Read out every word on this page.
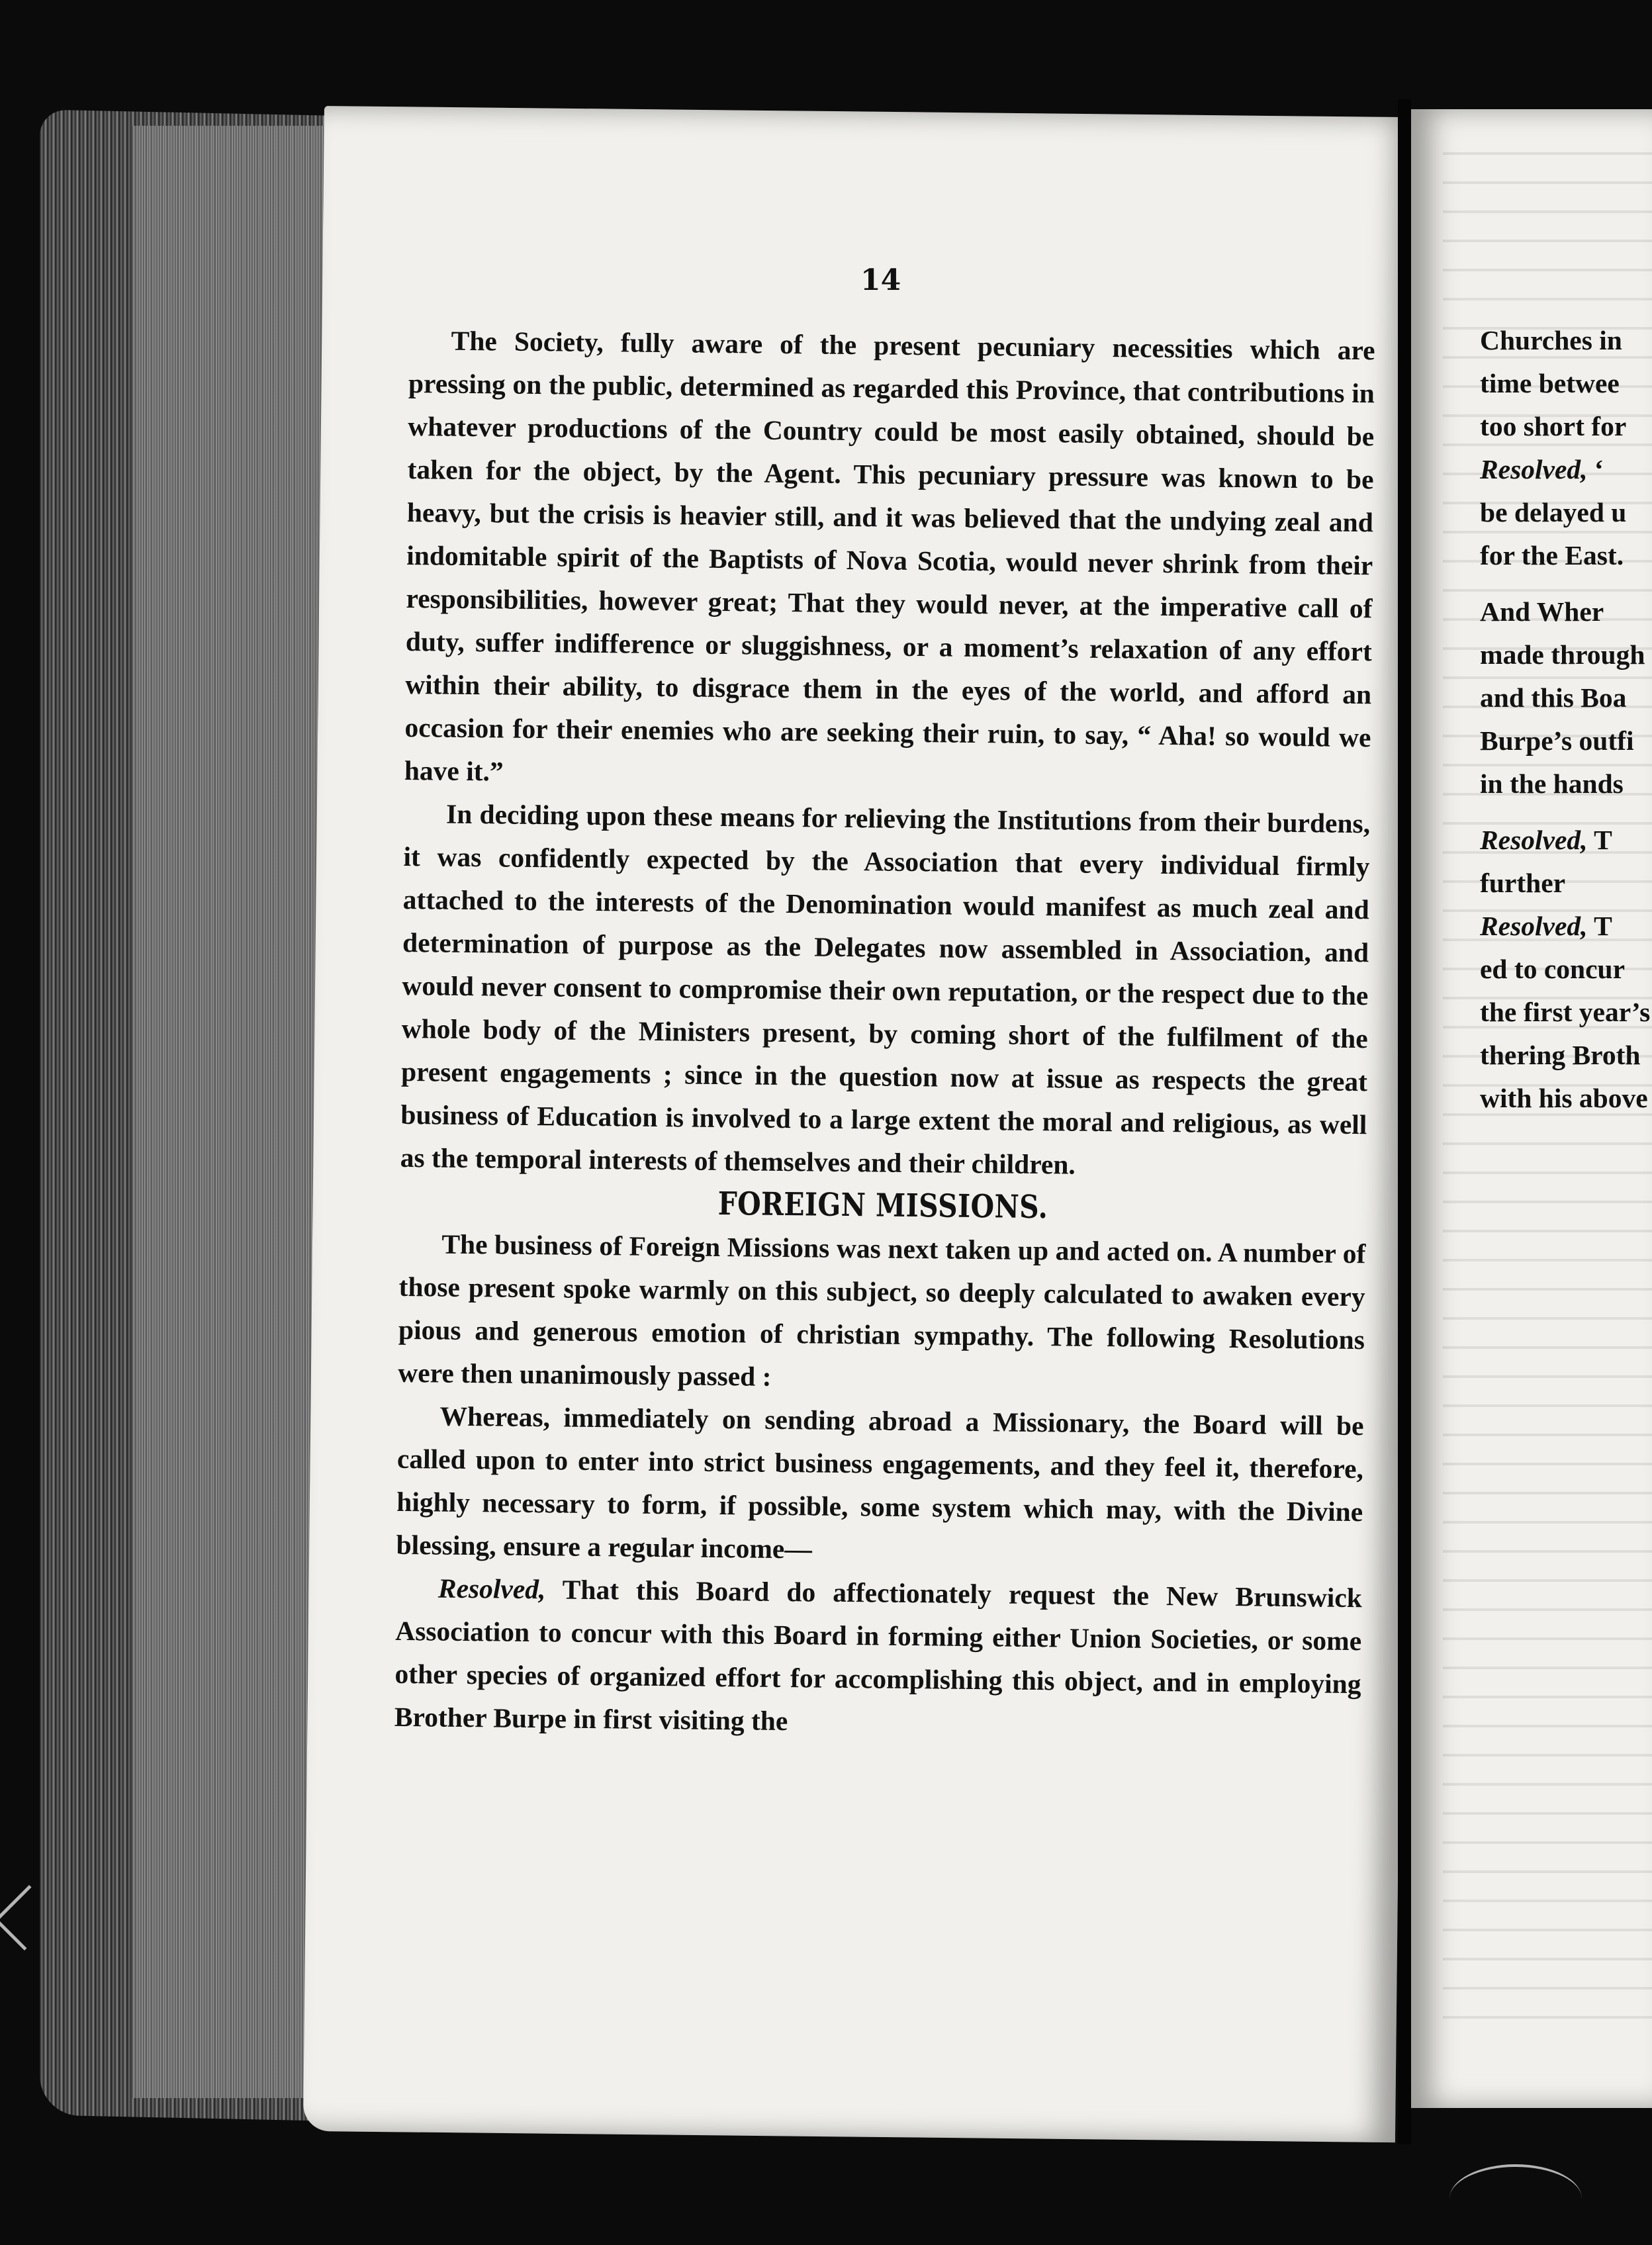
14

The Society, fully aware of the present pecuniary necessities which are pressing on the public, determined as regarded this Province, that contributions in whatever productions of the Country could be most easily obtained, should be taken for the object, by the Agent. This pecuniary pressure was known to be heavy, but the crisis is heavier still, and it was believed that the undying zeal and indomitable spirit of the Baptists of Nova Scotia, would never shrink from their responsibilities, however great; That they would never, at the imperative call of duty, suffer indifference or sluggishness, or a moment’s relaxation of any effort within their ability, to disgrace them in the eyes of the world, and afford an occasion for their enemies who are seeking their ruin, to say, “ Aha! so would we have it.”

In deciding upon these means for relieving the Institutions from their burdens, it was confidently expected by the Association that every individual firmly attached to the interests of the Denomination would manifest as much zeal and determination of purpose as the Delegates now assembled in Association, and would never consent to compromise their own reputation, or the respect due to the whole body of the Ministers present, by coming short of the fulfilment of the present engagements ; since in the question now at issue as respects the great business of Education is involved to a large extent the moral and religious, as well as the temporal interests of themselves and their children.

FOREIGN MISSIONS.

The business of Foreign Missions was next taken up and acted on. A number of those present spoke warmly on this subject, so deeply calculated to awaken every pious and generous emotion of christian sympathy. The following Resolutions were then unanimously passed :

Whereas, immediately on sending abroad a Missionary, the Board will be called upon to enter into strict business engagements, and they feel it, therefore, highly necessary to form, if possible, some system which may, with the Divine blessing, ensure a regular income—

Resolved, That this Board do affectionately request the New Brunswick Association to concur with this Board in forming either Union Societies, or some other species of organized effort for accomplishing this object, and in employing Brother Burpe in first visiting the

Churches in
time betwee
too short for
Resolved, ‘
be delayed u
for the East.
And Wher
made through
and this Boa
Burpe’s outfi
in the hands
Resolved, T
further
Resolved, T
ed to concur
the first year’s
thering Broth
with his above
